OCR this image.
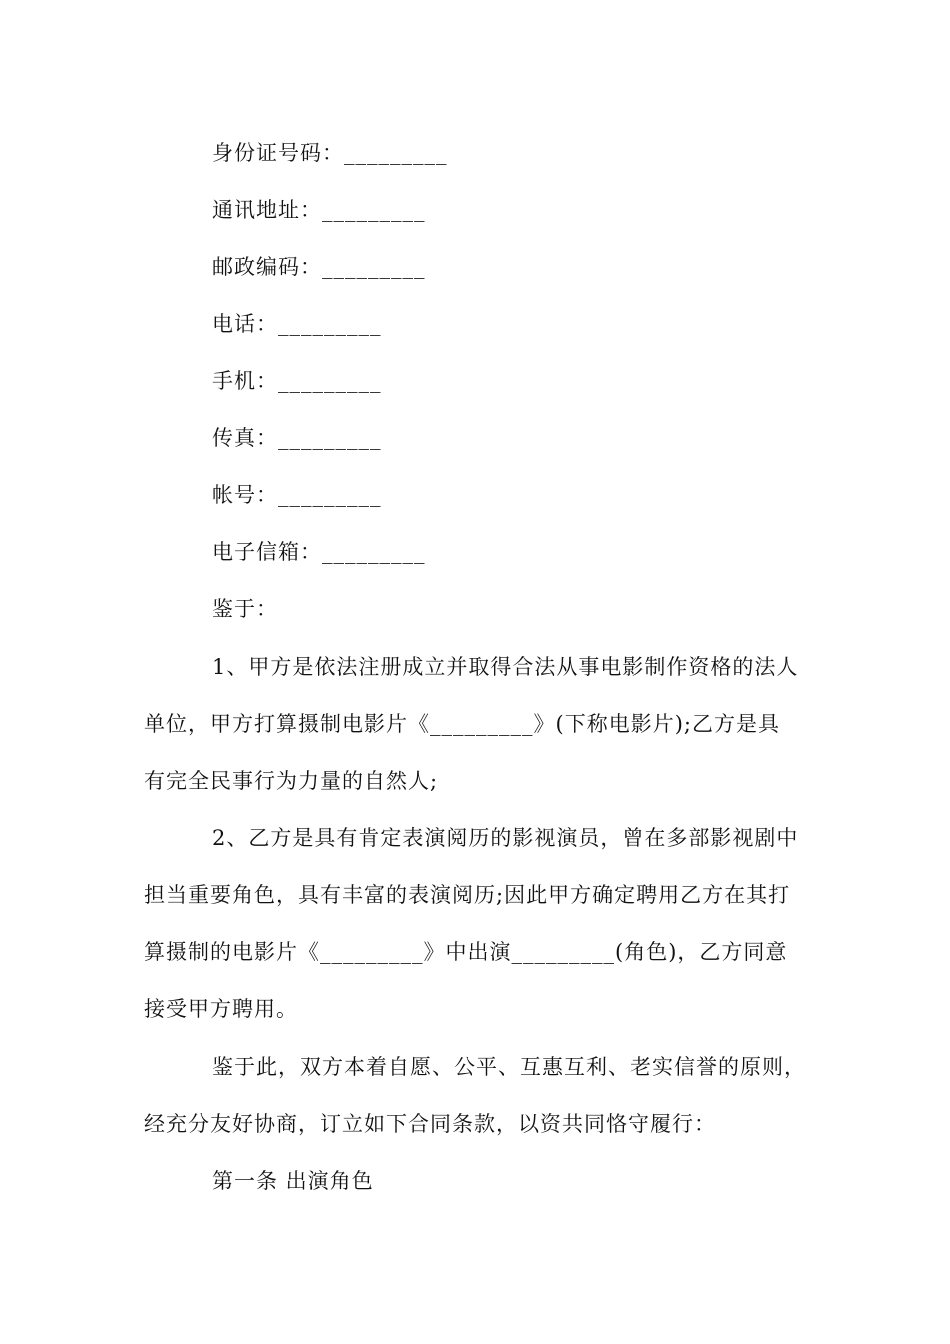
身份证号码：_________
通讯地址：_________
邮政编码：_________
电话：_________
手机：_________
传真：_________
帐号：_________
电子信箱：_________
鉴于：
1、甲方是依法注册成立并取得合法从事电影制作资格的法人
单位，甲方打算摄制电影片《_________》(下称电影片);乙方是具
有完全民事行为力量的自然人;
2、乙方是具有肯定表演阅历的影视演员，曾在多部影视剧中
担当重要角色，具有丰富的表演阅历;因此甲方确定聘用乙方在其打
算摄制的电影片《_________》中出演_________(角色)，乙方同意
接受甲方聘用。
鉴于此，双方本着自愿、公平、互惠互利、老实信誉的原则，
经充分友好协商，订立如下合同条款，以资共同恪守履行：
第一条 出演角色
